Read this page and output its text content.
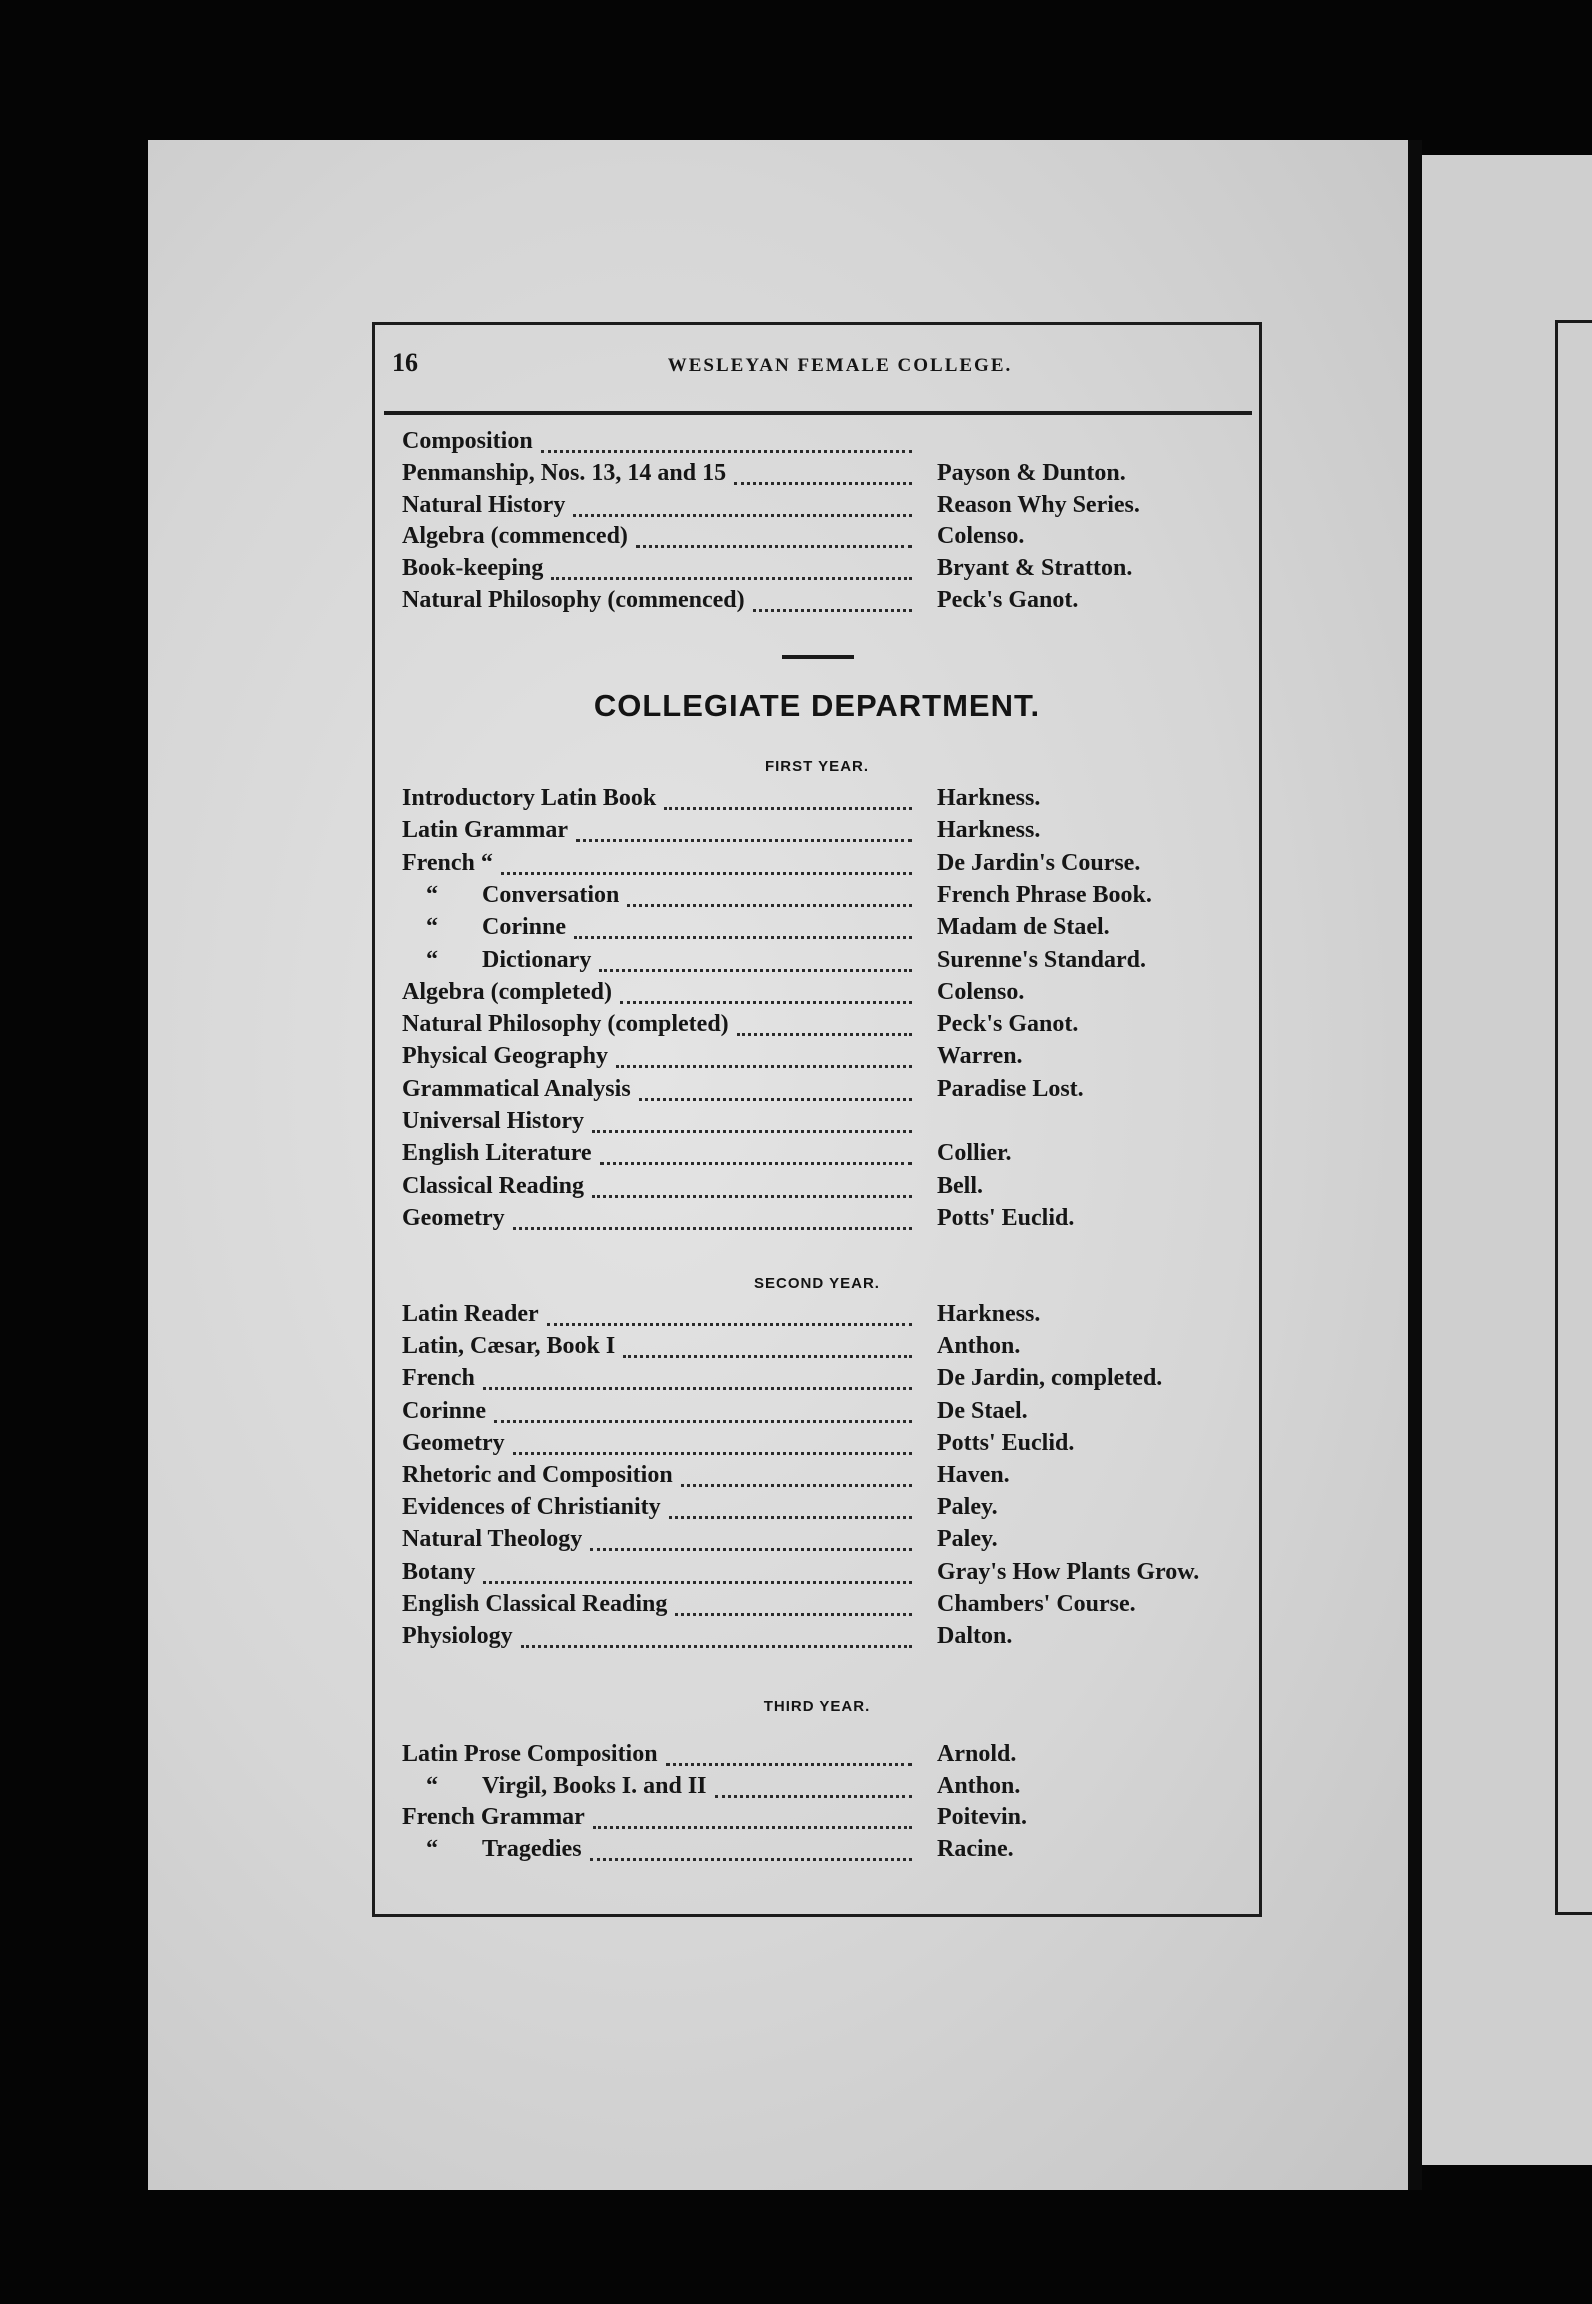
16	WESLEYAN FEMALE COLLEGE.
Composition
Penmanship, Nos. 13, 14 and 15	Payson & Dunton.
Natural History	Reason Why Series.
Algebra (commenced)	Colenso.
Book-keeping	Bryant & Stratton.
Natural Philosophy (commenced)	Peck's Ganot.
COLLEGIATE DEPARTMENT.
FIRST YEAR.
Introductory Latin Book	Harkness.
Latin Grammar	Harkness.
French “	De Jardin's Course.
“ Conversation	French Phrase Book.
“ Corinne	Madam de Stael.
“ Dictionary	Surenne's Standard.
Algebra (completed)	Colenso.
Natural Philosophy (completed)	Peck's Ganot.
Physical Geography	Warren.
Grammatical Analysis	Paradise Lost.
Universal History
English Literature	Collier.
Classical Reading	Bell.
Geometry	Potts' Euclid.
SECOND YEAR.
Latin Reader	Harkness.
Latin, Cæsar, Book I	Anthon.
French	De Jardin, completed.
Corinne	De Stael.
Geometry	Potts' Euclid.
Rhetoric and Composition	Haven.
Evidences of Christianity	Paley.
Natural Theology	Paley.
Botany	Gray's How Plants Grow.
English Classical Reading	Chambers' Course.
Physiology	Dalton.
THIRD YEAR.
Latin Prose Composition	Arnold.
“ Virgil, Books I. and II	Anthon.
French Grammar	Poitevin.
“ Tragedies	Racine.
